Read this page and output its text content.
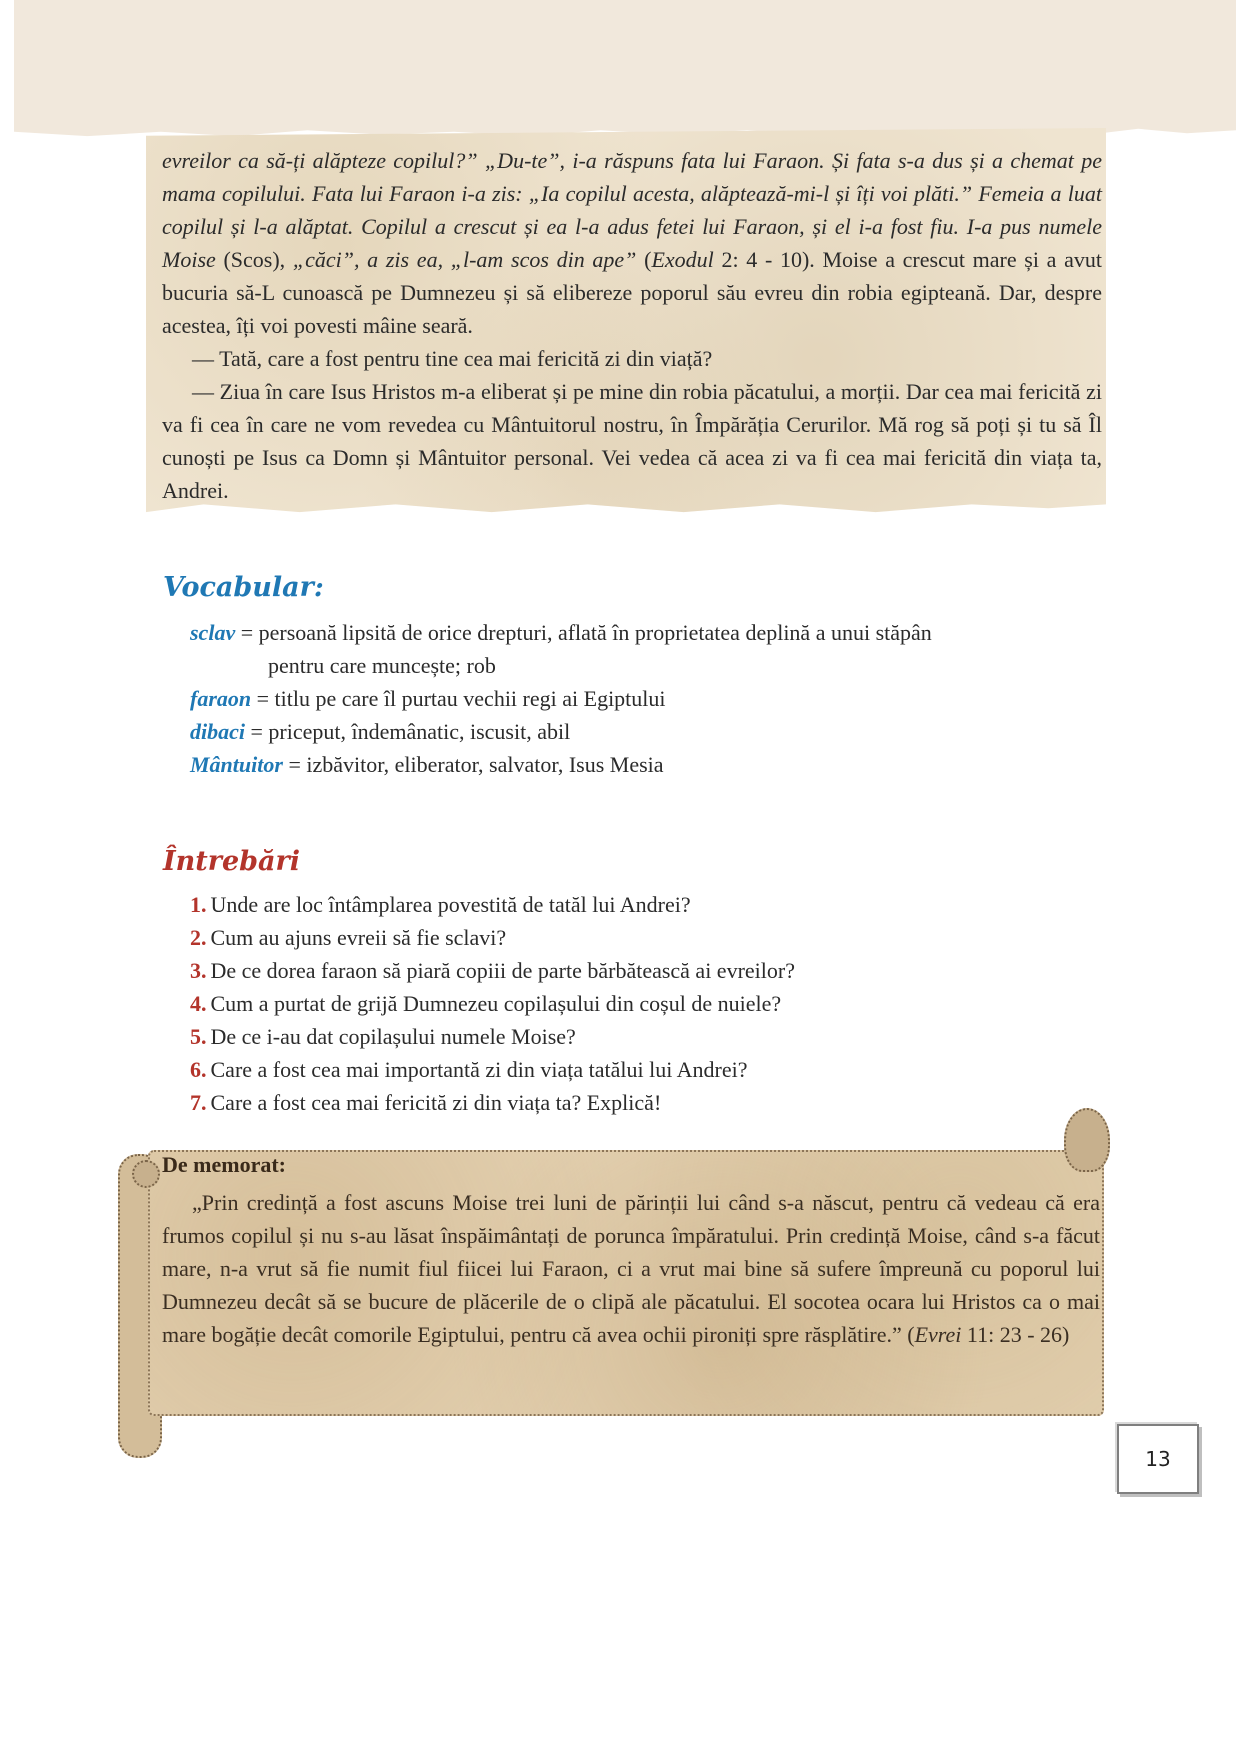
evreilor ca să-ți alăpteze copilul?” „Du-te”, i-a răspuns fata lui Faraon. Și fata s-a dus și a chemat pe mama copilului. Fata lui Faraon i-a zis: „Ia copilul acesta, alăptează-mi-l și îți voi plăti.” Femeia a luat copilul și l-a alăptat. Copilul a crescut și ea l-a adus fetei lui Faraon, și el i-a fost fiu. I-a pus numele Moise (Scos), „căci”, a zis ea, „l-am scos din ape” (Exodul 2: 4 - 10). Moise a crescut mare și a avut bucuria să-L cunoască pe Dumnezeu și să elibereze poporul său evreu din robia egipteană. Dar, despre acestea, îți voi povesti mâine seară.

— Tată, care a fost pentru tine cea mai fericită zi din viață?

— Ziua în care Isus Hristos m-a eliberat și pe mine din robia păcatului, a morții. Dar cea mai fericită zi va fi cea în care ne vom revedea cu Mântuitorul nostru, în Împărăția Cerurilor. Mă rog să poți și tu să Îl cunoști pe Isus ca Domn și Mântuitor personal. Vei vedea că acea zi va fi cea mai fericită din viața ta, Andrei.

Vocabular:

sclav = persoană lipsită de orice drepturi, aflată în proprietatea deplină a unui stăpân

pentru care muncește; rob

faraon = titlu pe care îl purtau vechii regi ai Egiptului

dibaci = priceput, îndemânatic, iscusit, abil

Mântuitor = izbăvitor, eliberator, salvator, Isus Mesia

Întrebări
1. Unde are loc întâmplarea povestită de tatăl lui Andrei?
2. Cum au ajuns evreii să fie sclavi?
3. De ce dorea faraon să piară copiii de parte bărbătească ai evreilor?
4. Cum a purtat de grijă Dumnezeu copilașului din coșul de nuiele?
5. De ce i-au dat copilașului numele Moise?
6. Care a fost cea mai importantă zi din viața tatălui lui Andrei?
7. Care a fost cea mai fericită zi din viața ta? Explică!
De memorat:

„Prin credință a fost ascuns Moise trei luni de părinții lui când s-a născut, pentru că vedeau că era frumos copilul și nu s-au lăsat înspăimântați de porunca împăratului. Prin credință Moise, când s-a făcut mare, n-a vrut să fie numit fiul fiicei lui Faraon, ci a vrut mai bine să sufere împreună cu poporul lui Dumnezeu decât să se bucure de plăcerile de o clipă ale păcatului. El socotea ocara lui Hristos ca o mai mare bogăție decât comorile Egiptului, pentru că avea ochii pironiți spre răsplătire.” (Evrei 11: 23 - 26)

13
